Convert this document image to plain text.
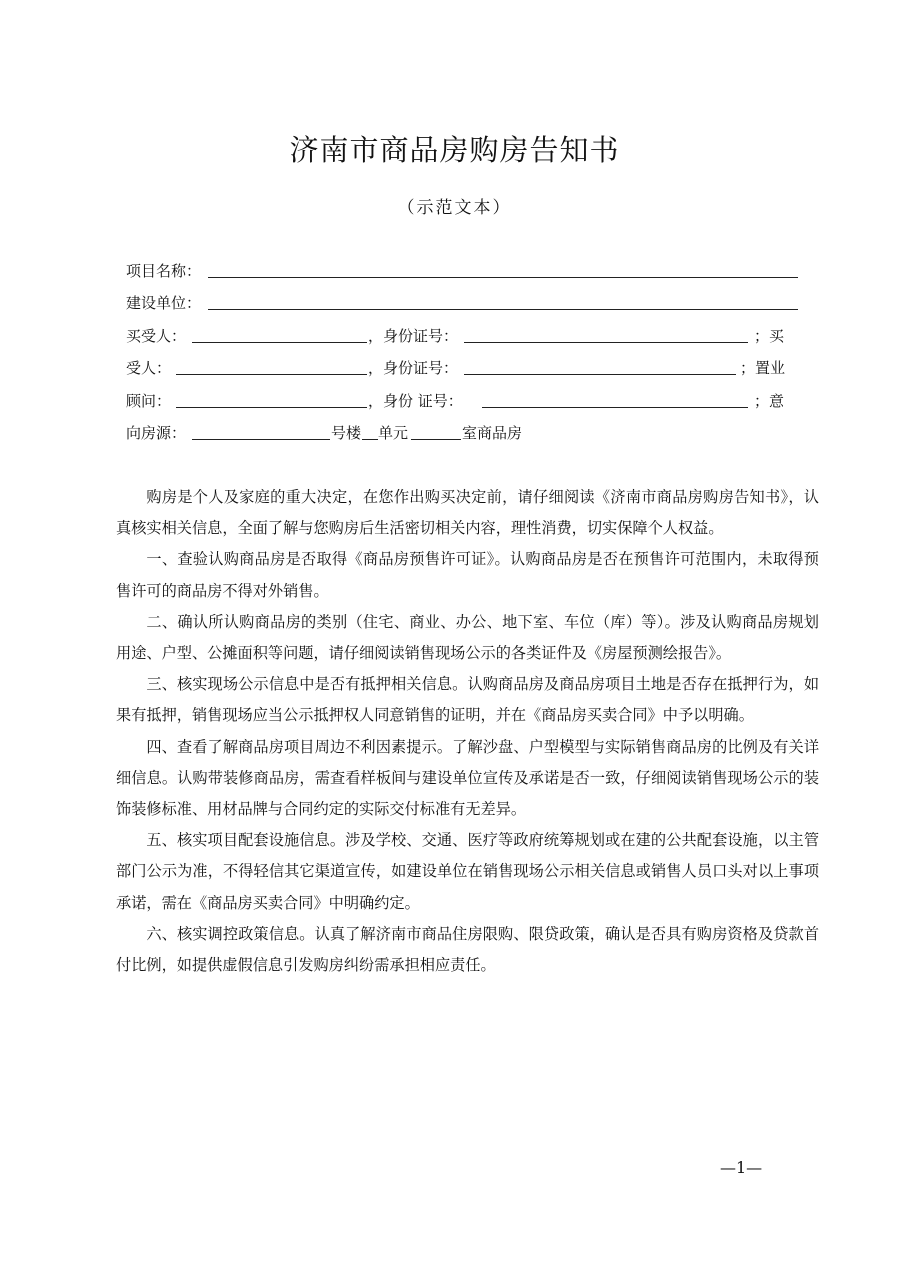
济南市商品房购房告知书
（示范文本）
项目名称：
建设单位：
买受人：	，身份证号：	；买
受人：	，身份证号：	；置业
顾问：	，身份 证号：	；意
向房源：	号楼 单元	室商品房

购房是个人及家庭的重大决定，在您作出购买决定前，请仔细阅读《济南市商品房购房告知书》，认真核实相关信息，全面了解与您购房后生活密切相关内容，理性消费，切实保障个人权益。

一、查验认购商品房是否取得《商品房预售许可证》。认购商品房是否在预售许可范围内，未取得预售许可的商品房不得对外销售。

二、确认所认购商品房的类别（住宅、商业、办公、地下室、车位（库）等）。涉及认购商品房规划用途、户型、公摊面积等问题，请仔细阅读销售现场公示的各类证件及《房屋预测绘报告》。

三、核实现场公示信息中是否有抵押相关信息。认购商品房及商品房项目土地是否存在抵押行为，如果有抵押，销售现场应当公示抵押权人同意销售的证明，并在《商品房买卖合同》中予以明确。

四、查看了解商品房项目周边不利因素提示。了解沙盘、户型模型与实际销售商品房的比例及有关详细信息。认购带装修商品房，需查看样板间与建设单位宣传及承诺是否一致，仔细阅读销售现场公示的装饰装修标准、用材品牌与合同约定的实际交付标准有无差异。

五、核实项目配套设施信息。涉及学校、交通、医疗等政府统筹规划或在建的公共配套设施，以主管部门公示为准，不得轻信其它渠道宣传，如建设单位在销售现场公示相关信息或销售人员口头对以上事项承诺，需在《商品房买卖合同》中明确约定。

六、核实调控政策信息。认真了解济南市商品住房限购、限贷政策，确认是否具有购房资格及贷款首付比例，如提供虚假信息引发购房纠纷需承担相应责任。

—1—
